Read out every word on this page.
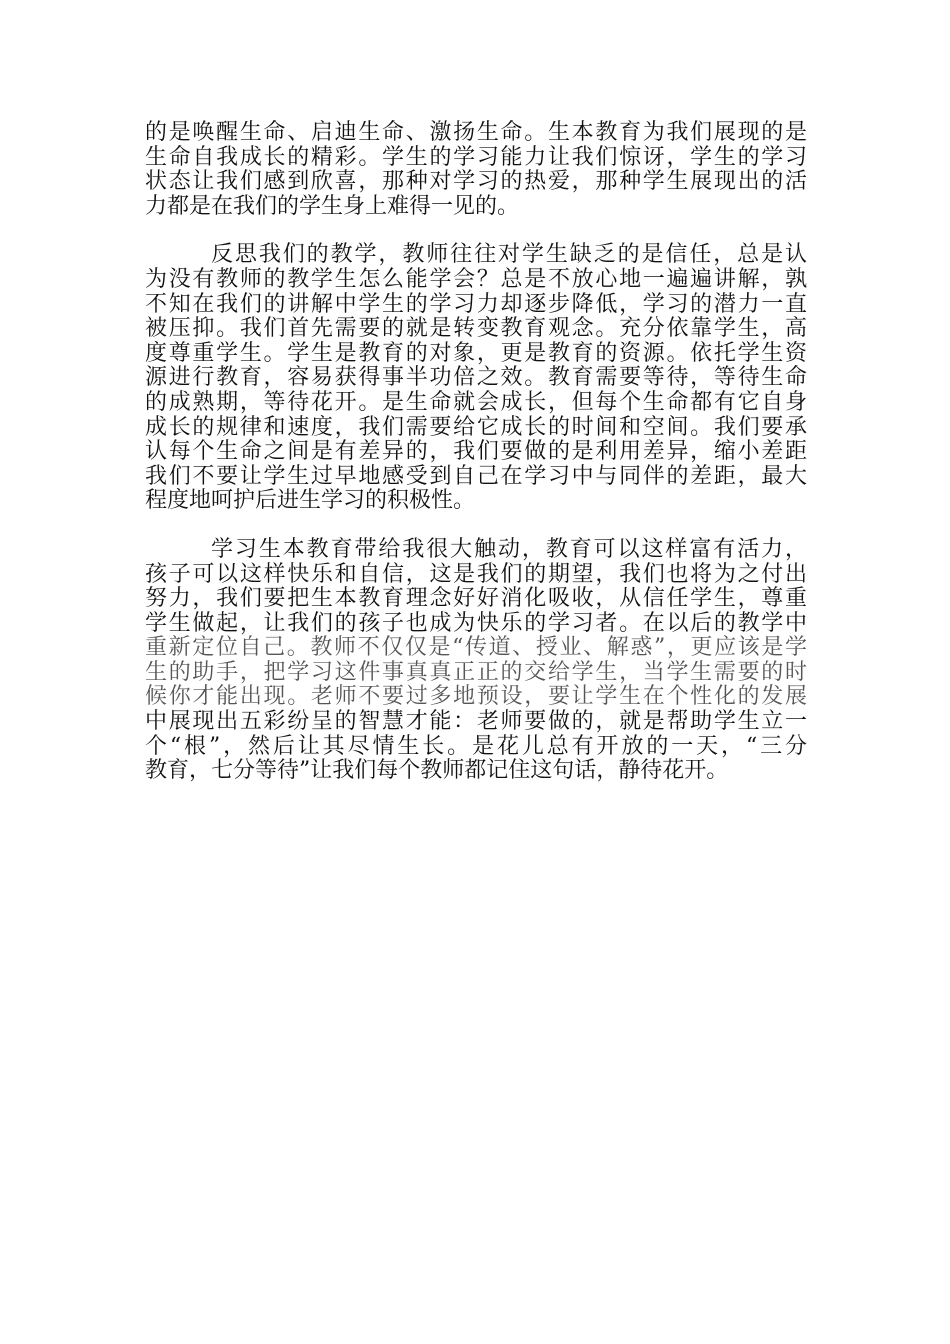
的是唤醒生命、启迪生命、激扬生命。生本教育为我们展现的是
生命自我成长的精彩。学生的学习能力让我们惊讶，学生的学习
状态让我们感到欣喜，那种对学习的热爱，那种学生展现出的活
力都是在我们的学生身上难得一见的。

反思我们的教学，教师往往对学生缺乏的是信任，总是认
为没有教师的教学生怎么能学会？总是不放心地一遍遍讲解，孰
不知在我们的讲解中学生的学习力却逐步降低，学习的潜力一直
被压抑。我们首先需要的就是转变教育观念。充分依靠学生，高
度尊重学生。学生是教育的对象，更是教育的资源。依托学生资
源进行教育，容易获得事半功倍之效。教育需要等待，等待生命
的成熟期，等待花开。是生命就会成长，但每个生命都有它自身
成长的规律和速度，我们需要给它成长的时间和空间。我们要承
认每个生命之间是有差异的，我们要做的是利用差异，缩小差距
我们不要让学生过早地感受到自己在学习中与同伴的差距，最大
程度地呵护后进生学习的积极性。

学习生本教育带给我很大触动，教育可以这样富有活力，
孩子可以这样快乐和自信，这是我们的期望，我们也将为之付出
努力，我们要把生本教育理念好好消化吸收，从信任学生，尊重
学生做起，让我们的孩子也成为快乐的学习者。在以后的教学中
重新定位自己。教师不仅仅是“传道、授业、解惑”，更应该是学
生的助手，把学习这件事真真正正的交给学生，当学生需要的时
候你才能出现。老师不要过多地预设，要让学生在个性化的发展
中展现出五彩纷呈的智慧才能：老师要做的，就是帮助学生立一
个“根”，然后让其尽情生长。是花儿总有开放的一天，“三分
教育，七分等待”让我们每个教师都记住这句话，静待花开。
